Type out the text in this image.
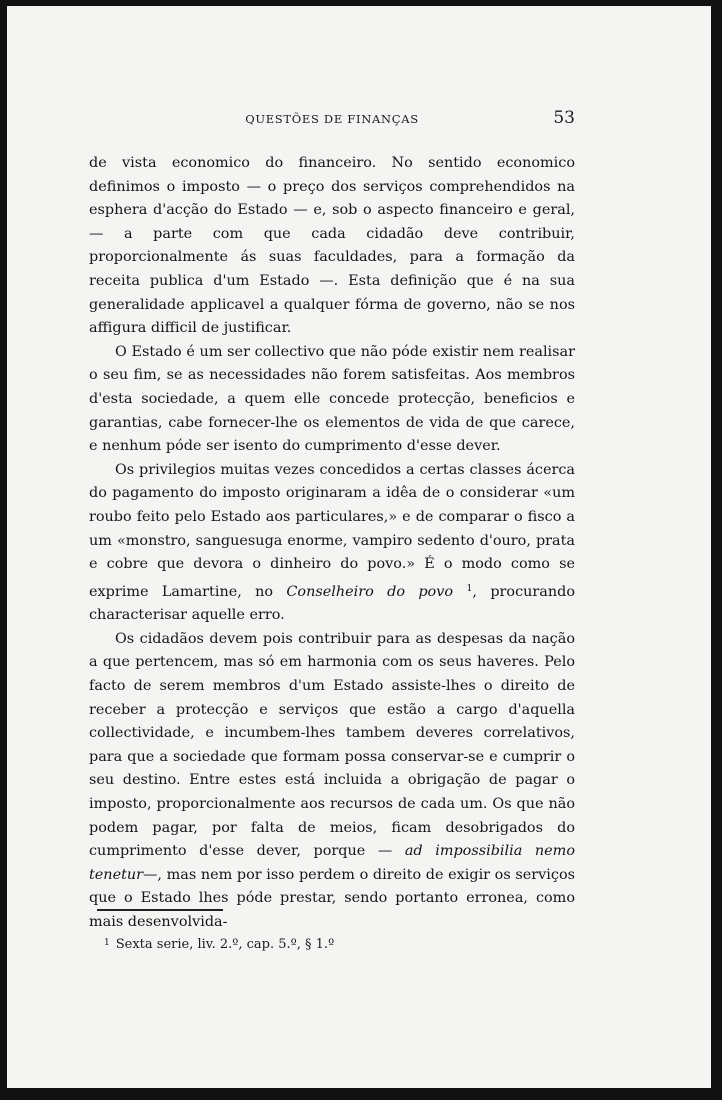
QUESTÕES DE FINANÇAS	53

de vista economico do financeiro. No sentido economico definimos o imposto — o preço dos serviços comprehendidos na esphera d'acção do Estado — e, sob o aspecto financeiro e geral, — a parte com que cada cidadão deve contribuir, proporcionalmente ás suas faculdades, para a formação da receita publica d'um Estado —. Esta definição que é na sua generalidade applicavel a qualquer fórma de governo, não se nos affigura difficil de justificar.

O Estado é um ser collectivo que não póde existir nem realisar o seu fim, se as necessidades não forem satisfeitas. Aos membros d'esta sociedade, a quem elle concede protecção, beneficios e garantias, cabe fornecer-lhe os elementos de vida de que carece, e nenhum póde ser isento do cumprimento d'esse dever.

Os privilegios muitas vezes concedidos a certas classes ácerca do pagamento do imposto originaram a idêa de o considerar «um roubo feito pelo Estado aos particulares,» e de comparar o fisco a um «monstro, sanguesuga enorme, vampiro sedento d'ouro, prata e cobre que devora o dinheiro do povo.» É o modo como se exprime Lamartine, no Conselheiro do povo $^1$, procurando characterisar aquelle erro.

Os cidadãos devem pois contribuir para as despesas da nação a que pertencem, mas só em harmonia com os seus haveres. Pelo facto de serem membros d'um Estado assiste-lhes o direito de receber a protecção e serviços que estão a cargo d'aquella collectividade, e incumbem-lhes tambem deveres correlativos, para que a sociedade que formam possa conservar-se e cumprir o seu destino. Entre estes está incluida a obrigação de pagar o imposto, proporcionalmente aos recursos de cada um. Os que não podem pagar, por falta de meios, ficam desobrigados do cumprimento d'esse dever, porque — ad impossibilia nemo tenetur—, mas nem por isso perdem o direito de exigir os serviços que o Estado lhes póde prestar, sendo portanto erronea, como mais desenvolvida-

$^1$ Sexta serie, liv. 2.º, cap. 5.º, § 1.º
